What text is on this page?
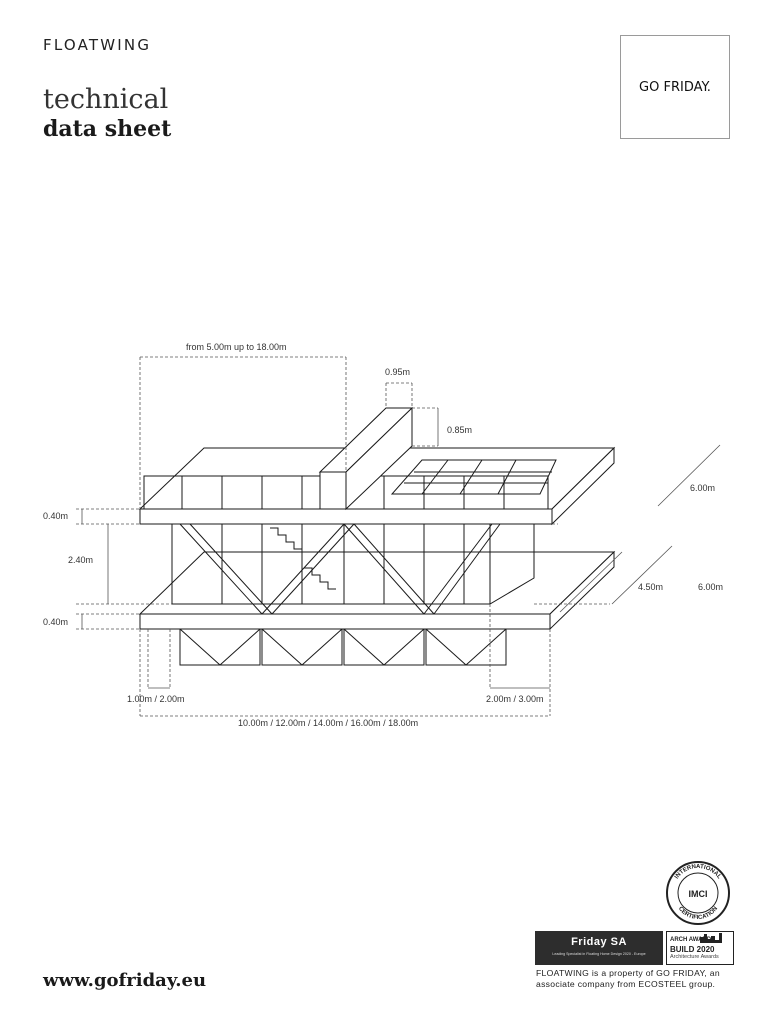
FLOATWING
technical
data sheet
GO FRIDAY.
from 5.00m up to 18.00m
0.95m
0.85m
6.00m
0.40m
2.40m
0.40m
4.50m	6.00m
1.00m / 2.00m	2.00m / 3.00m
10.00m / 12.00m / 14.00m / 16.00m / 18.00m
www.gofriday.eu
INTERNATIONAL
CERTIFICATION
IMCI
Friday SA
Leading Specialist in Floating Home Design 2020 - Europe
ARCH AWARDS
BUILD 2020
Architecture Awards
FLOATWING is a property of GO FRIDAY, an associate company from ECOSTEEL group.
